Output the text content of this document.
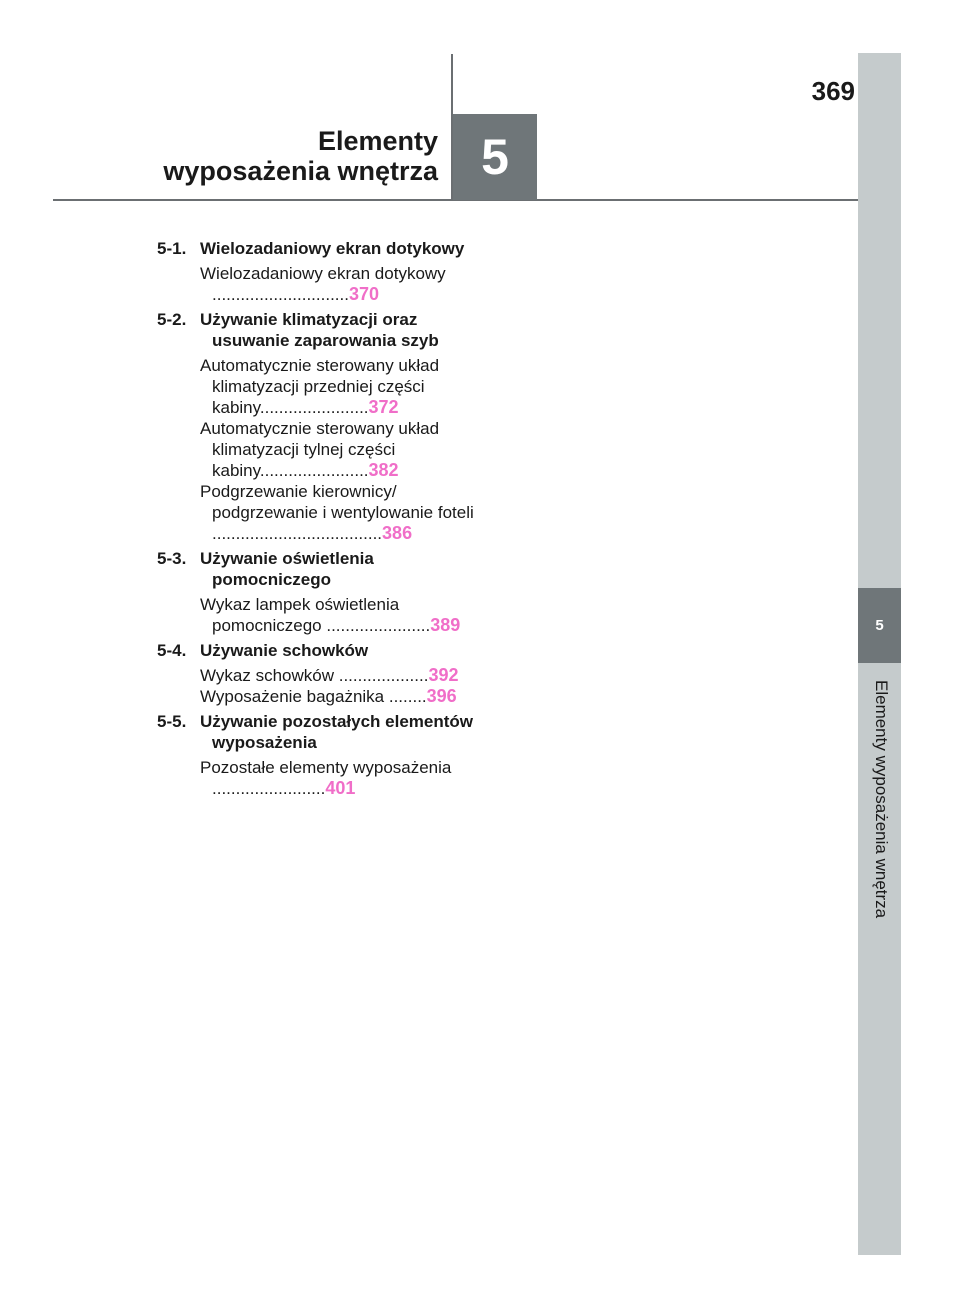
369
5
Elementy
wyposażenia wnętrza
5
Elementy wyposażenia wnętrza
5-1. Wielozadaniowy ekran dotykowy
Wielozadaniowy ekran dotykowy .............................370
5-2. Używanie klimatyzacji oraz usuwanie zaparowania szyb
Automatycznie sterowany układ klimatyzacji przedniej części kabiny.......................372
Automatycznie sterowany układ klimatyzacji tylnej części kabiny.......................382
Podgrzewanie kierownicy/ podgrzewanie i wentylowanie foteli ....................................386
5-3. Używanie oświetlenia pomocniczego
Wykaz lampek oświetlenia pomocniczego ......................389
5-4. Używanie schowków
Wykaz schowków ...................392
Wyposażenie bagażnika ........396
5-5. Używanie pozostałych elementów wyposażenia
Pozostałe elementy wyposażenia ........................401
